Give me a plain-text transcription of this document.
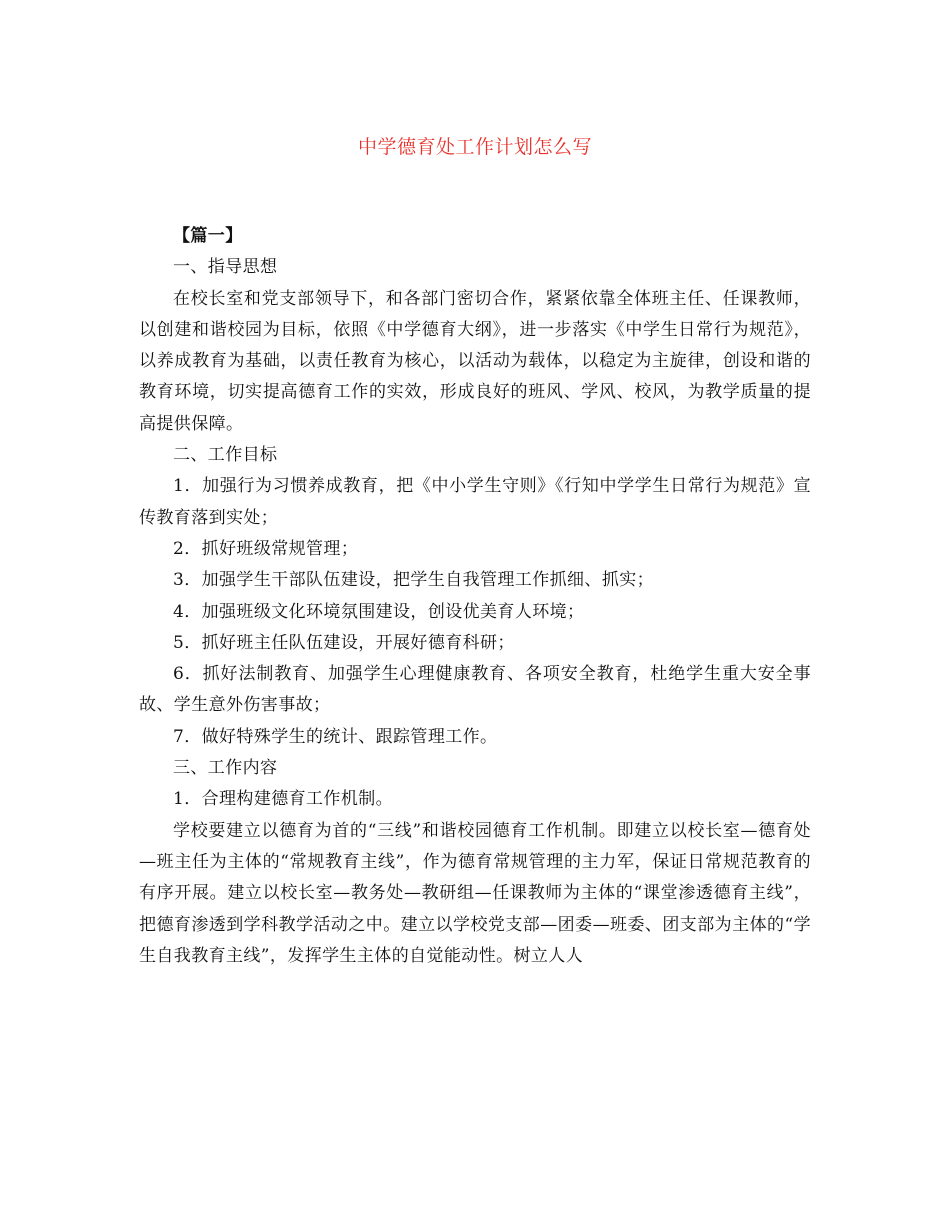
中学德育处工作计划怎么写

【篇一】

一、指导思想

在校长室和党支部领导下，和各部门密切合作，紧紧依靠全体班主任、任课教师，以创建和谐校园为目标，依照《中学德育大纲》，进一步落实《中学生日常行为规范》，以养成教育为基础，以责任教育为核心，以活动为载体，以稳定为主旋律，创设和谐的教育环境，切实提高德育工作的实效，形成良好的班风、学风、校风，为教学质量的提高提供保障。

二、工作目标

1．加强行为习惯养成教育，把《中小学生守则》《行知中学学生日常行为规范》宣传教育落到实处；

2．抓好班级常规管理；

3．加强学生干部队伍建设，把学生自我管理工作抓细、抓实；

4．加强班级文化环境氛围建设，创设优美育人环境；

5．抓好班主任队伍建设，开展好德育科研；

6．抓好法制教育、加强学生心理健康教育、各项安全教育，杜绝学生重大安全事故、学生意外伤害事故；

7．做好特殊学生的统计、跟踪管理工作。

三、工作内容

1．合理构建德育工作机制。

学校要建立以德育为首的“三线”和谐校园德育工作机制。即建立以校长室—德育处—班主任为主体的“常规教育主线”，作为德育常规管理的主力军，保证日常规范教育的有序开展。建立以校长室—教务处—教研组—任课教师为主体的“课堂渗透德育主线”，把德育渗透到学科教学活动之中。建立以学校党支部—团委—班委、团支部为主体的“学生自我教育主线”，发挥学生主体的自觉能动性。树立人人
